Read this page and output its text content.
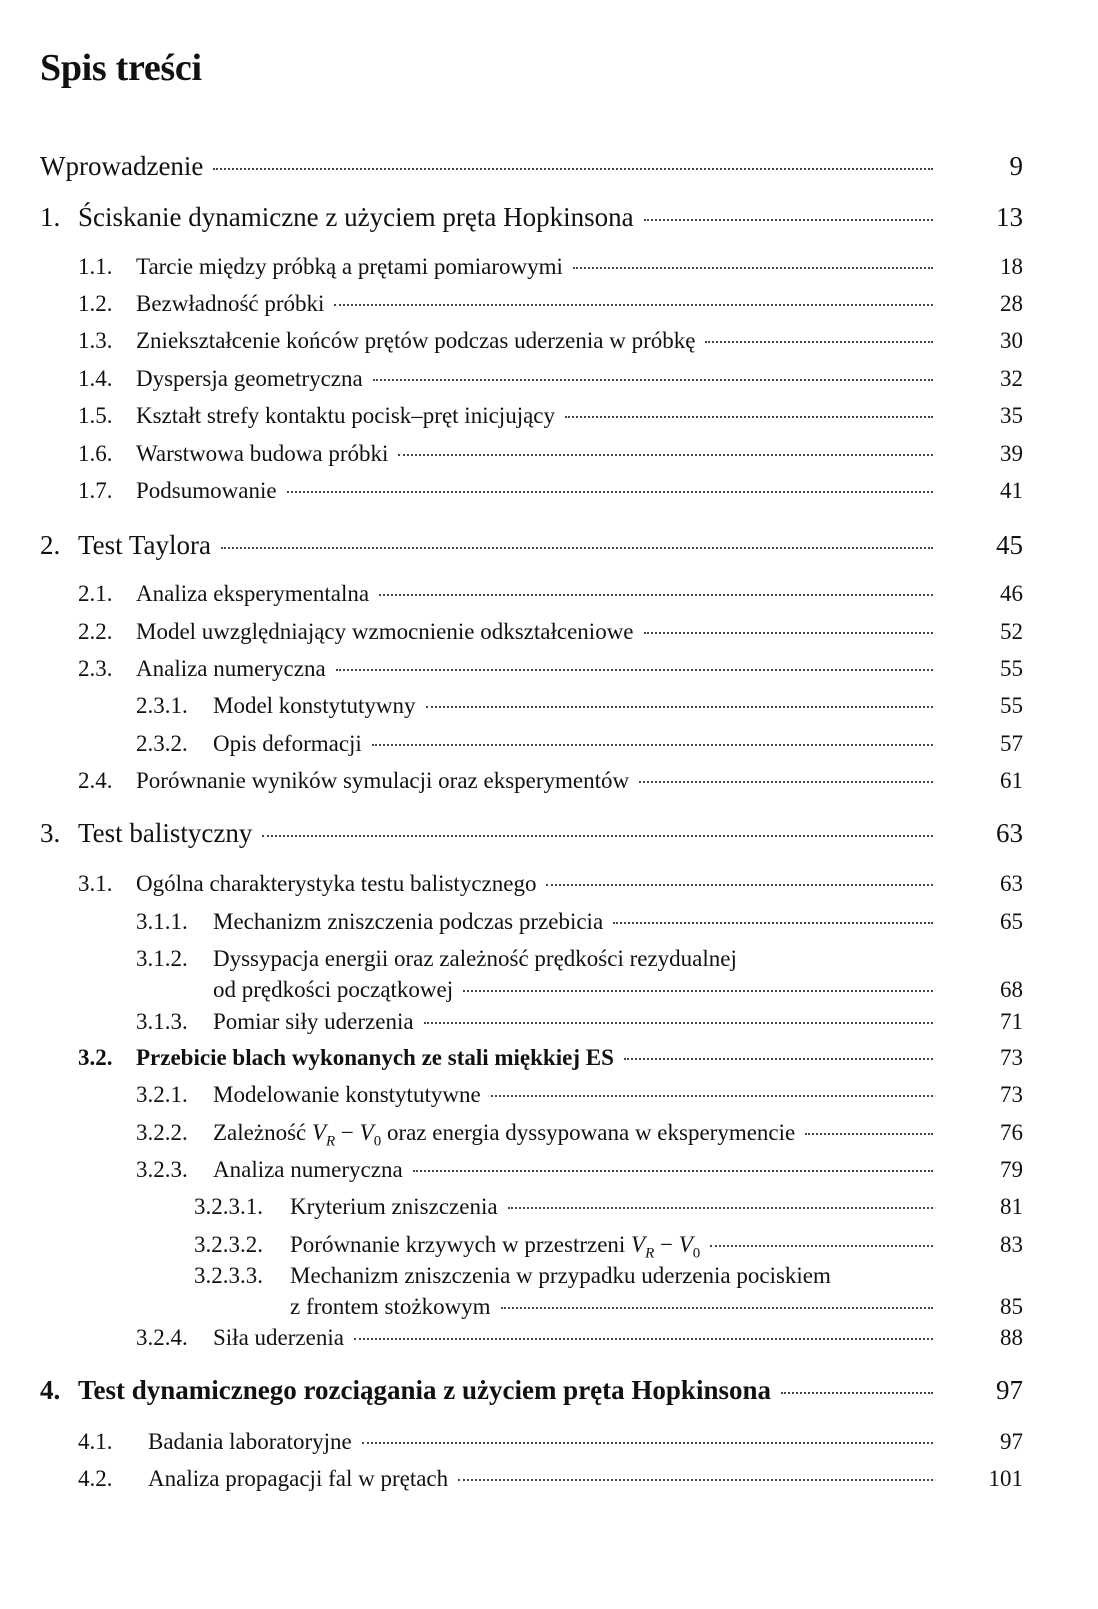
Spis treści
Wprowadzenie	9
1. Ściskanie dynamiczne z użyciem pręta Hopkinsona	13
1.1.	Tarcie między próbką a prętami pomiarowymi	18
1.2.	Bezwładność próbki	28
1.3.	Zniekształcenie końców prętów podczas uderzenia w próbkę	30
1.4.	Dyspersja geometryczna	32
1.5.	Kształt strefy kontaktu pocisk–pręt inicjujący	35
1.6.	Warstwowa budowa próbki	39
1.7.	Podsumowanie	41
2. Test Taylora	45
2.1.	Analiza eksperymentalna	46
2.2.	Model uwzględniający wzmocnienie odkształceniowe	52
2.3.	Analiza numeryczna	55
2.3.1.	Model konstytutywny	55
2.3.2.	Opis deformacji	57
2.4.	Porównanie wyników symulacji oraz eksperymentów	61
3. Test balistyczny	63
3.1.	Ogólna charakterystyka testu balistycznego	63
3.1.1.	Mechanizm zniszczenia podczas przebicia	65
3.1.2.	Dyssypacja energii oraz zależność prędkości rezydualnej
od prędkości początkowej	68
3.1.3.	Pomiar siły uderzenia	71
3.2.	Przebicie blach wykonanych ze stali miękkiej ES	73
3.2.1.	Modelowanie konstytutywne	73
3.2.2.	Zależność $V_R - V_0$ oraz energia dyssypowana w eksperymencie	76
3.2.3.	Analiza numeryczna	79
3.2.3.1.	Kryterium zniszczenia	81
3.2.3.2.	Porównanie krzywych w przestrzeni $V_R - V_0$	83
3.2.3.3.	Mechanizm zniszczenia w przypadku uderzenia pociskiem
z frontem stożkowym	85
3.2.4.	Siła uderzenia	88
4. Test dynamicznego rozciągania z użyciem pręta Hopkinsona	97
4.1.	Badania laboratoryjne	97
4.2.	Analiza propagacji fal w prętach	101
